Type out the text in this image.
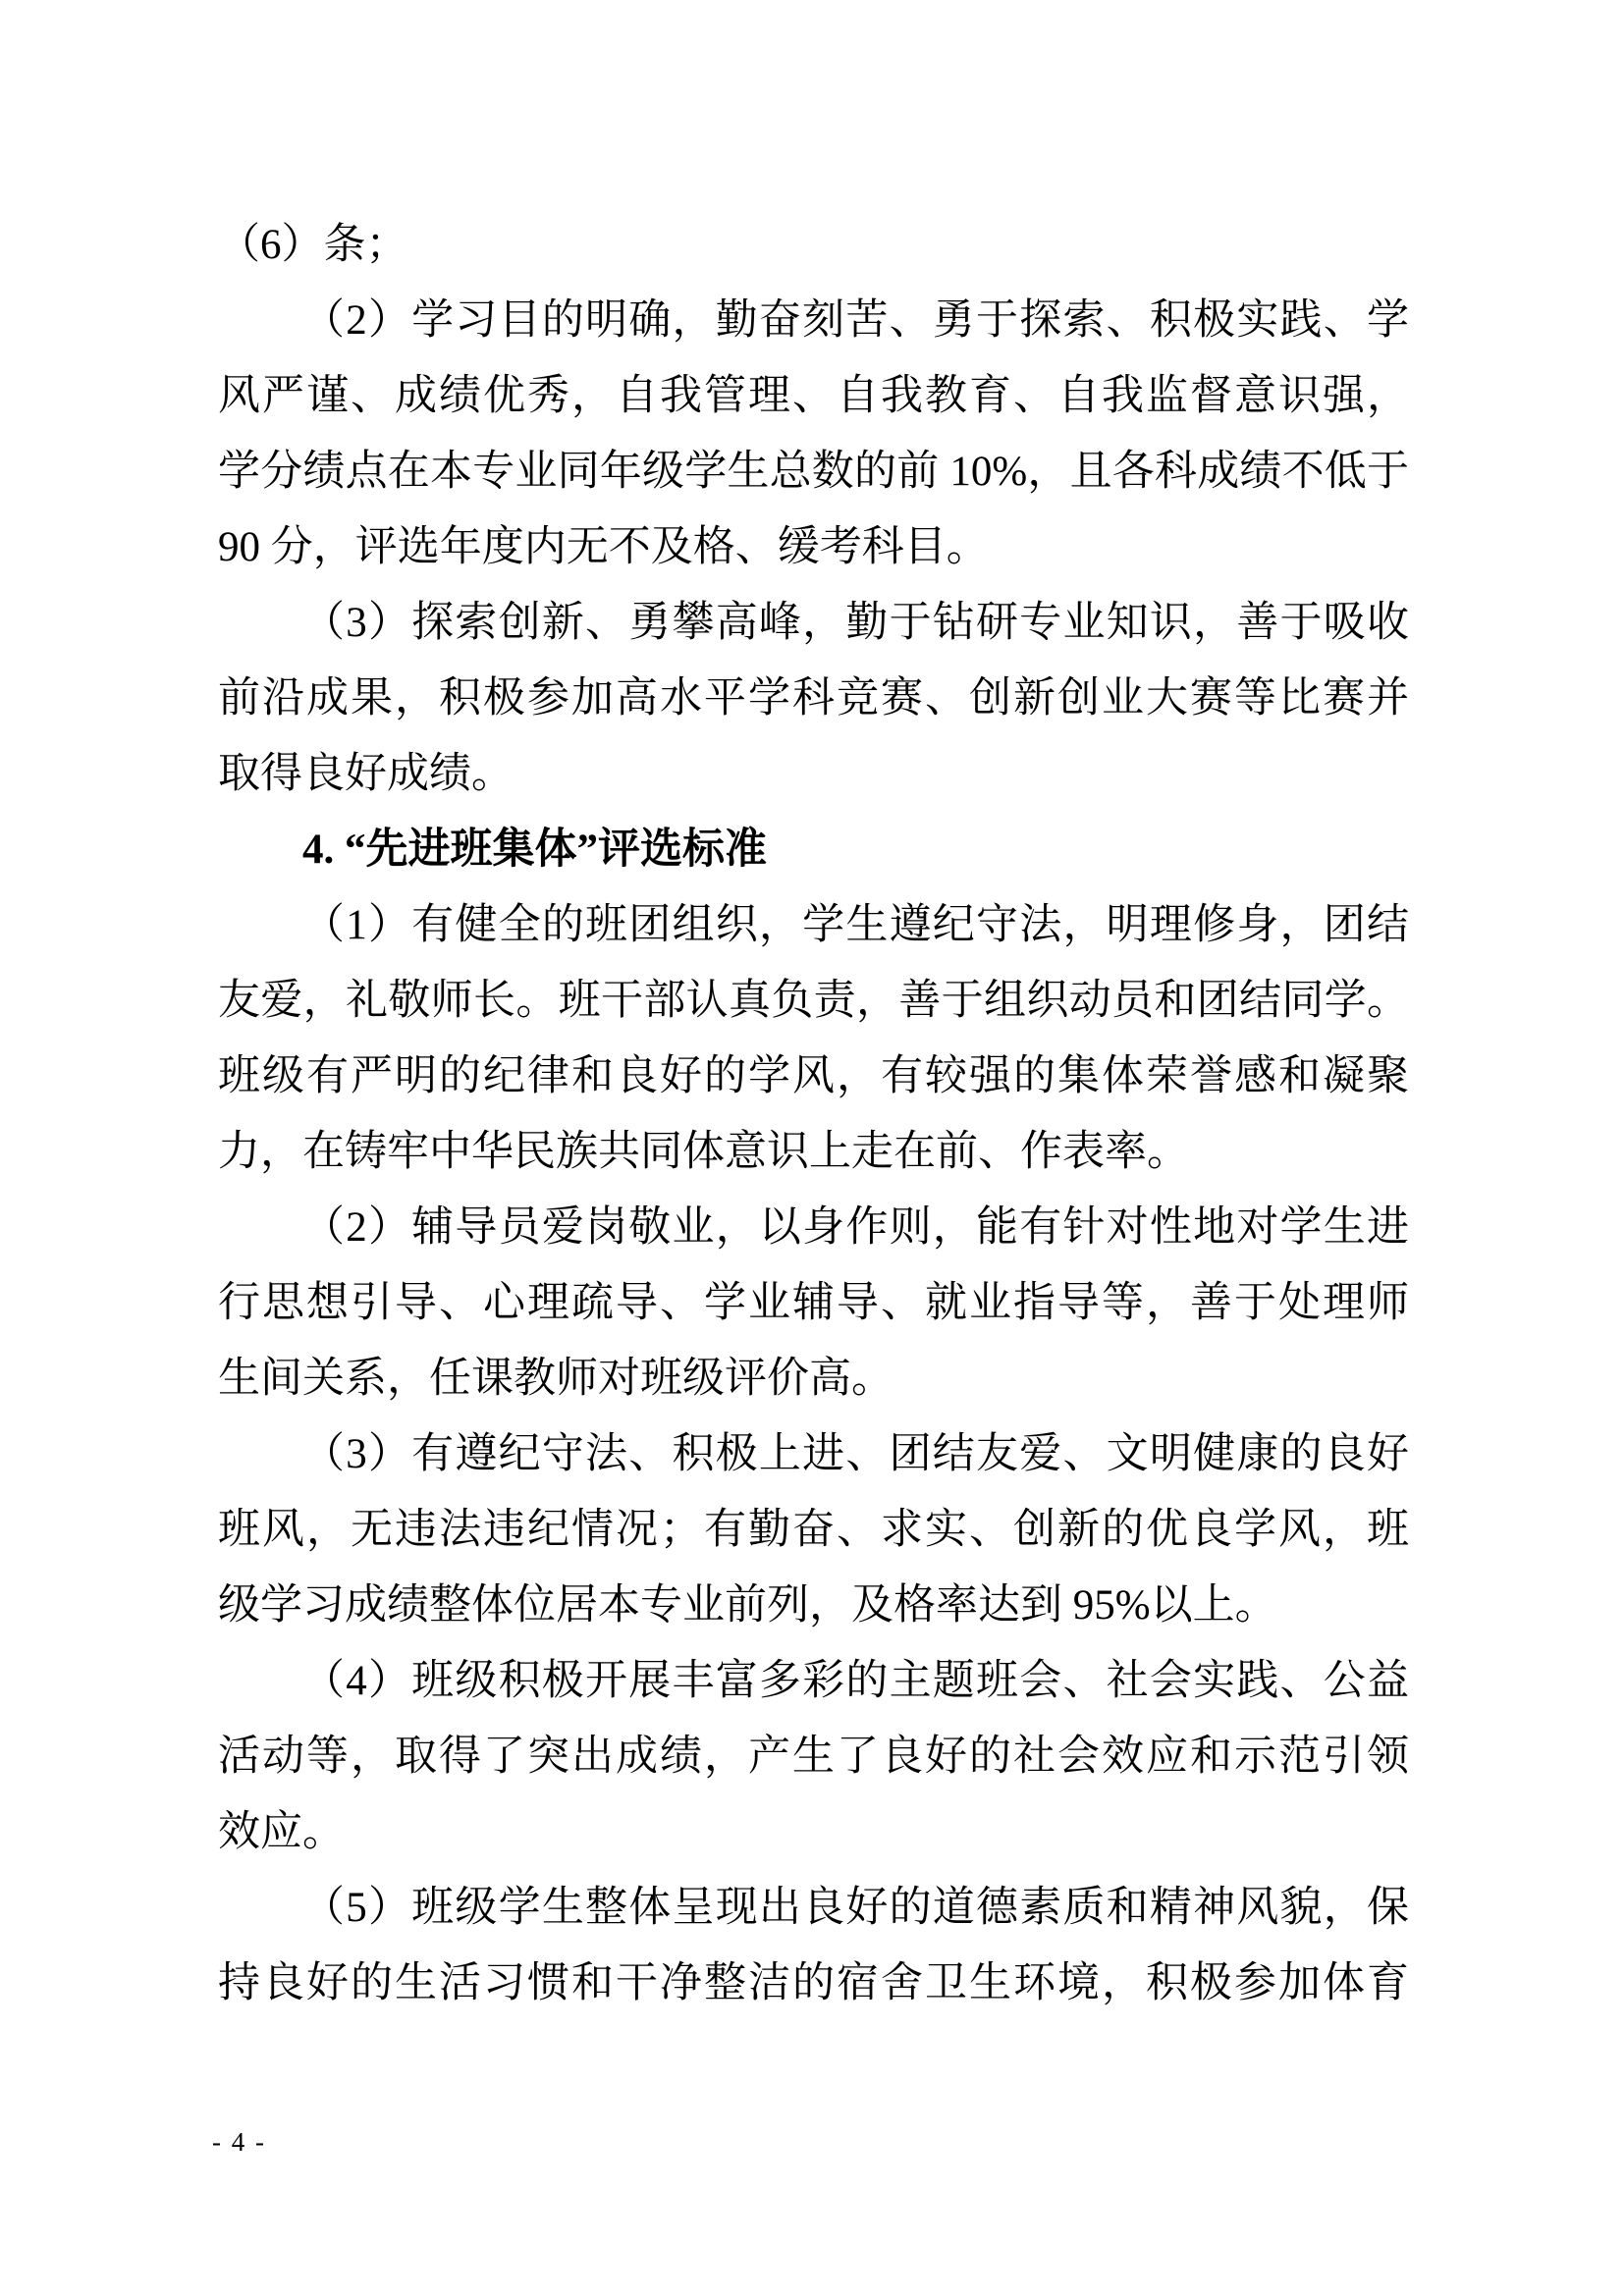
（6）条；
（2）学习目的明确，勤奋刻苦、勇于探索、积极实践、学
风严谨、成绩优秀，自我管理、自我教育、自我监督意识强，
学分绩点在本专业同年级学生总数的前 10%，且各科成绩不低于
90 分，评选年度内无不及格、缓考科目。
（3）探索创新、勇攀高峰，勤于钻研专业知识，善于吸收
前沿成果，积极参加高水平学科竞赛、创新创业大赛等比赛并
取得良好成绩。
4. “先进班集体”评选标准
（1）有健全的班团组织，学生遵纪守法，明理修身，团结
友爱，礼敬师长。班干部认真负责，善于组织动员和团结同学。
班级有严明的纪律和良好的学风，有较强的集体荣誉感和凝聚
力，在铸牢中华民族共同体意识上走在前、作表率。
（2）辅导员爱岗敬业，以身作则，能有针对性地对学生进
行思想引导、心理疏导、学业辅导、就业指导等，善于处理师
生间关系，任课教师对班级评价高。
（3）有遵纪守法、积极上进、团结友爱、文明健康的良好
班风，无违法违纪情况；有勤奋、求实、创新的优良学风，班
级学习成绩整体位居本专业前列，及格率达到 95%以上。
（4）班级积极开展丰富多彩的主题班会、社会实践、公益
活动等，取得了突出成绩，产生了良好的社会效应和示范引领
效应。
（5）班级学生整体呈现出良好的道德素质和精神风貌，保
持良好的生活习惯和干净整洁的宿舍卫生环境，积极参加体育
- 4 -
